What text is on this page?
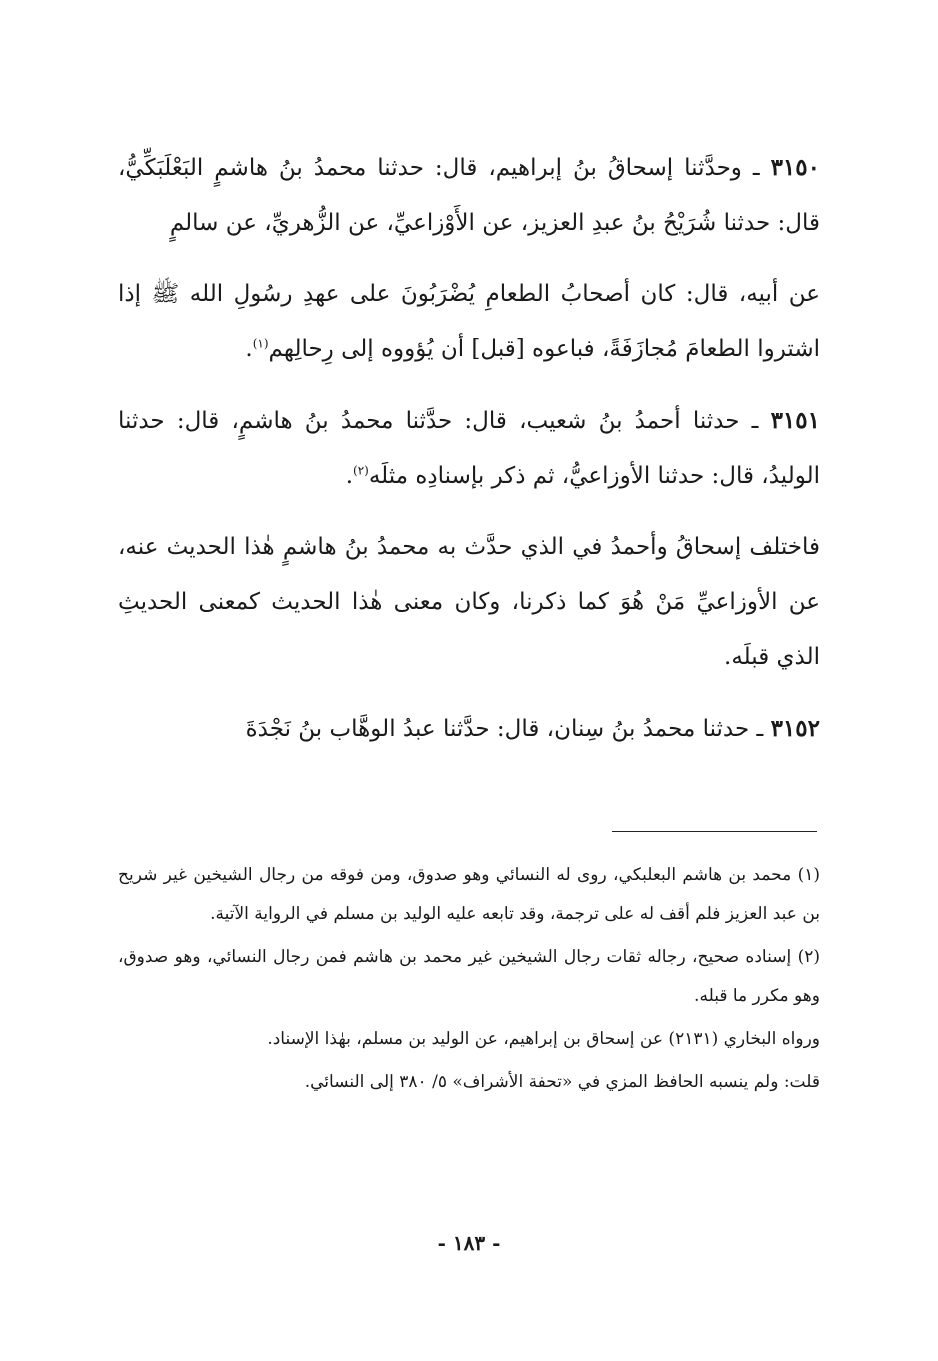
٣١٥٠ ـ وحدَّثنا إسحاقُ بنُ إبراهيم، قال: حدثنا محمدُ بنُ هاشمٍ البَعْلَبَكِّيُّ، قال: حدثنا شُرَيْحُ بنُ عبدِ العزيز، عن الأَوْزاعيِّ، عن الزُّهريِّ، عن سالمٍ

عن أبيه، قال: كان أصحابُ الطعامِ يُضْرَبُونَ على عهدِ رسُولِ الله ﷺ إذا اشتروا الطعامَ مُجازَفَةً، فباعوه [قبل] أن يُؤووه إلى رِحالِهم$^{(١)}$.

٣١٥١ ـ حدثنا أحمدُ بنُ شعيب، قال: حدَّثنا محمدُ بنُ هاشمٍ، قال: حدثنا الوليدُ، قال: حدثنا الأوزاعيُّ، ثم ذكر بإسنادِه مثلَه$^{(٢)}$.

فاختلف إسحاقُ وأحمدُ في الذي حدَّث به محمدُ بنُ هاشمٍ هٰذا الحديث عنه، عن الأوزاعيِّ مَنْ هُوَ كما ذكرنا، وكان معنى هٰذا الحديث كمعنى الحديثِ الذي قبلَه.

٣١٥٢ ـ حدثنا محمدُ بنُ سِنان، قال: حدَّثنا عبدُ الوهَّاب بنُ نَجْدَةَ

(١) محمد بن هاشم البعلبكي، روى له النسائي وهو صدوق، ومن فوقه من رجال الشيخين غير شريح بن عبد العزيز فلم أقف له على ترجمة، وقد تابعه عليه الوليد بن مسلم في الرواية الآتية.

(٢) إسناده صحيح، رجاله ثقات رجال الشيخين غير محمد بن هاشم فمن رجال النسائي، وهو صدوق، وهو مكرر ما قبله.

ورواه البخاري (٢١٣١) عن إسحاق بن إبراهيم، عن الوليد بن مسلم، بهٰذا الإسناد.

قلت: ولم ينسبه الحافظ المزي في «تحفة الأشراف» ٥/ ٣٨٠ إلى النسائي.

- ١٨٣ -
